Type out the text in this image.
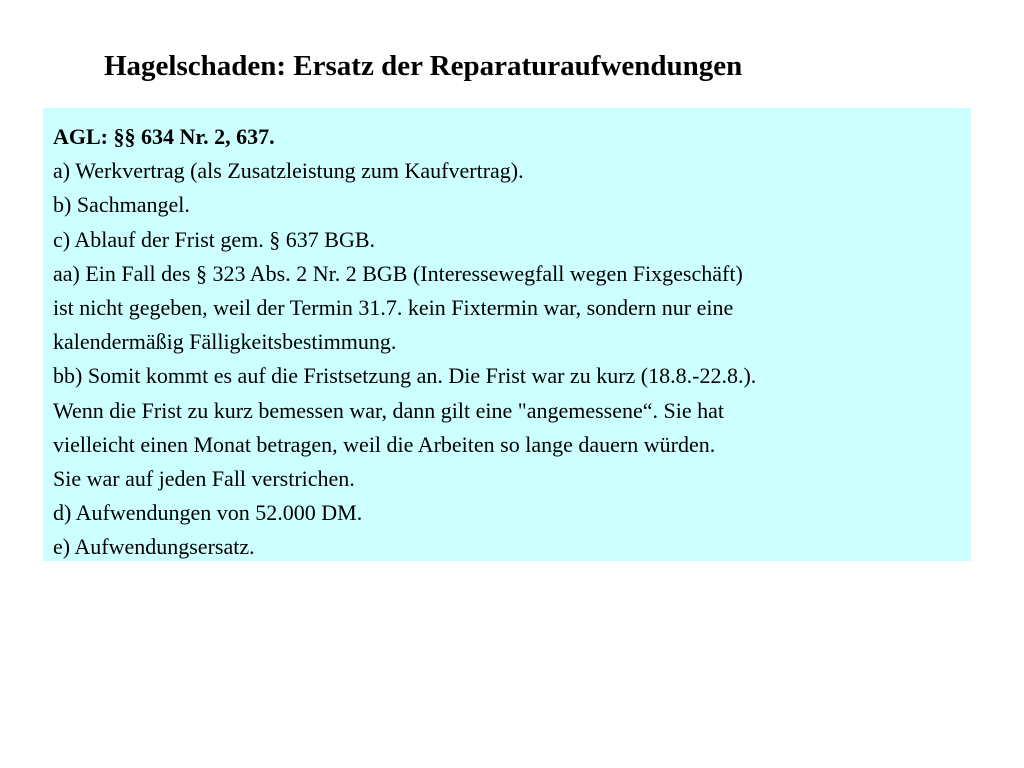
Hagelschaden: Ersatz der Reparaturaufwendungen
AGL: §§ 634 Nr. 2, 637.
a) Werkvertrag (als Zusatzleistung zum Kaufvertrag).
b) Sachmangel.
c) Ablauf der Frist gem. § 637 BGB.
aa) Ein Fall des § 323 Abs. 2 Nr. 2 BGB (Interessewegfall wegen Fixgeschäft)
ist nicht gegeben, weil der Termin 31.7. kein Fixtermin war, sondern nur eine
kalendermäßig Fälligkeitsbestimmung.
bb) Somit kommt es auf die Fristsetzung an. Die Frist war zu kurz (18.8.-22.8.).
Wenn die Frist zu kurz bemessen war, dann gilt eine "angemessene“. Sie hat
vielleicht einen Monat betragen, weil die Arbeiten so lange dauern würden.
Sie war auf jeden Fall verstrichen.
d) Aufwendungen von 52.000 DM.
e) Aufwendungsersatz.
